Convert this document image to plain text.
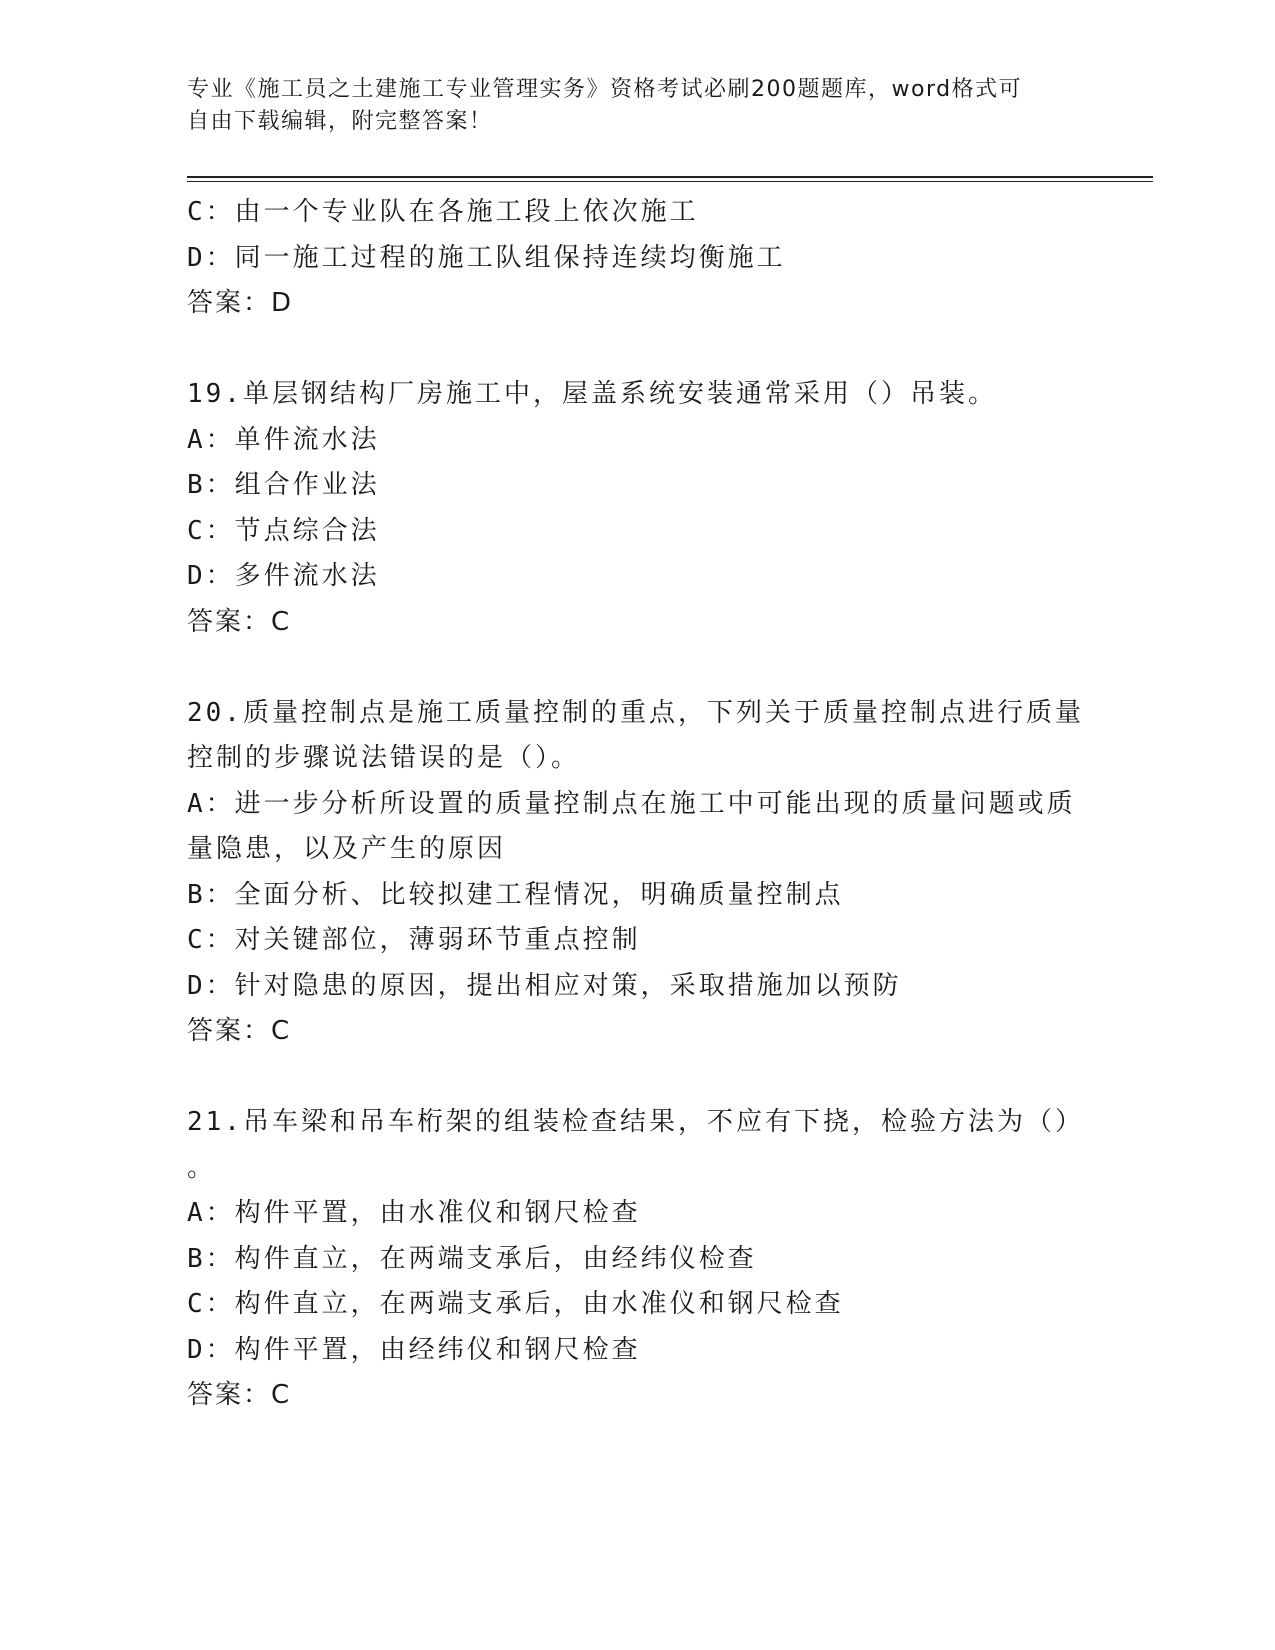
专业《施工员之土建施工专业管理实务》资格考试必刷200题题库，word格式可
自由下载编辑，附完整答案！
C：由一个专业队在各施工段上依次施工
D：同一施工过程的施工队组保持连续均衡施工
答案：D
19.单层钢结构厂房施工中，屋盖系统安装通常采用（）吊装。
A：单件流水法
B：组合作业法
C：节点综合法
D：多件流水法
答案：C
20.质量控制点是施工质量控制的重点，下列关于质量控制点进行质量
控制的步骤说法错误的是（）。
A：进一步分析所设置的质量控制点在施工中可能出现的质量问题或质
量隐患，以及产生的原因
B：全面分析、比较拟建工程情况，明确质量控制点
C：对关键部位，薄弱环节重点控制
D：针对隐患的原因，提出相应对策，采取措施加以预防
答案：C
21.吊车梁和吊车桁架的组装检查结果，不应有下挠，检验方法为（）
。
A：构件平置，由水准仪和钢尺检查
B：构件直立，在两端支承后，由经纬仪检查
C：构件直立，在两端支承后，由水准仪和钢尺检查
D：构件平置，由经纬仪和钢尺检查
答案：C
